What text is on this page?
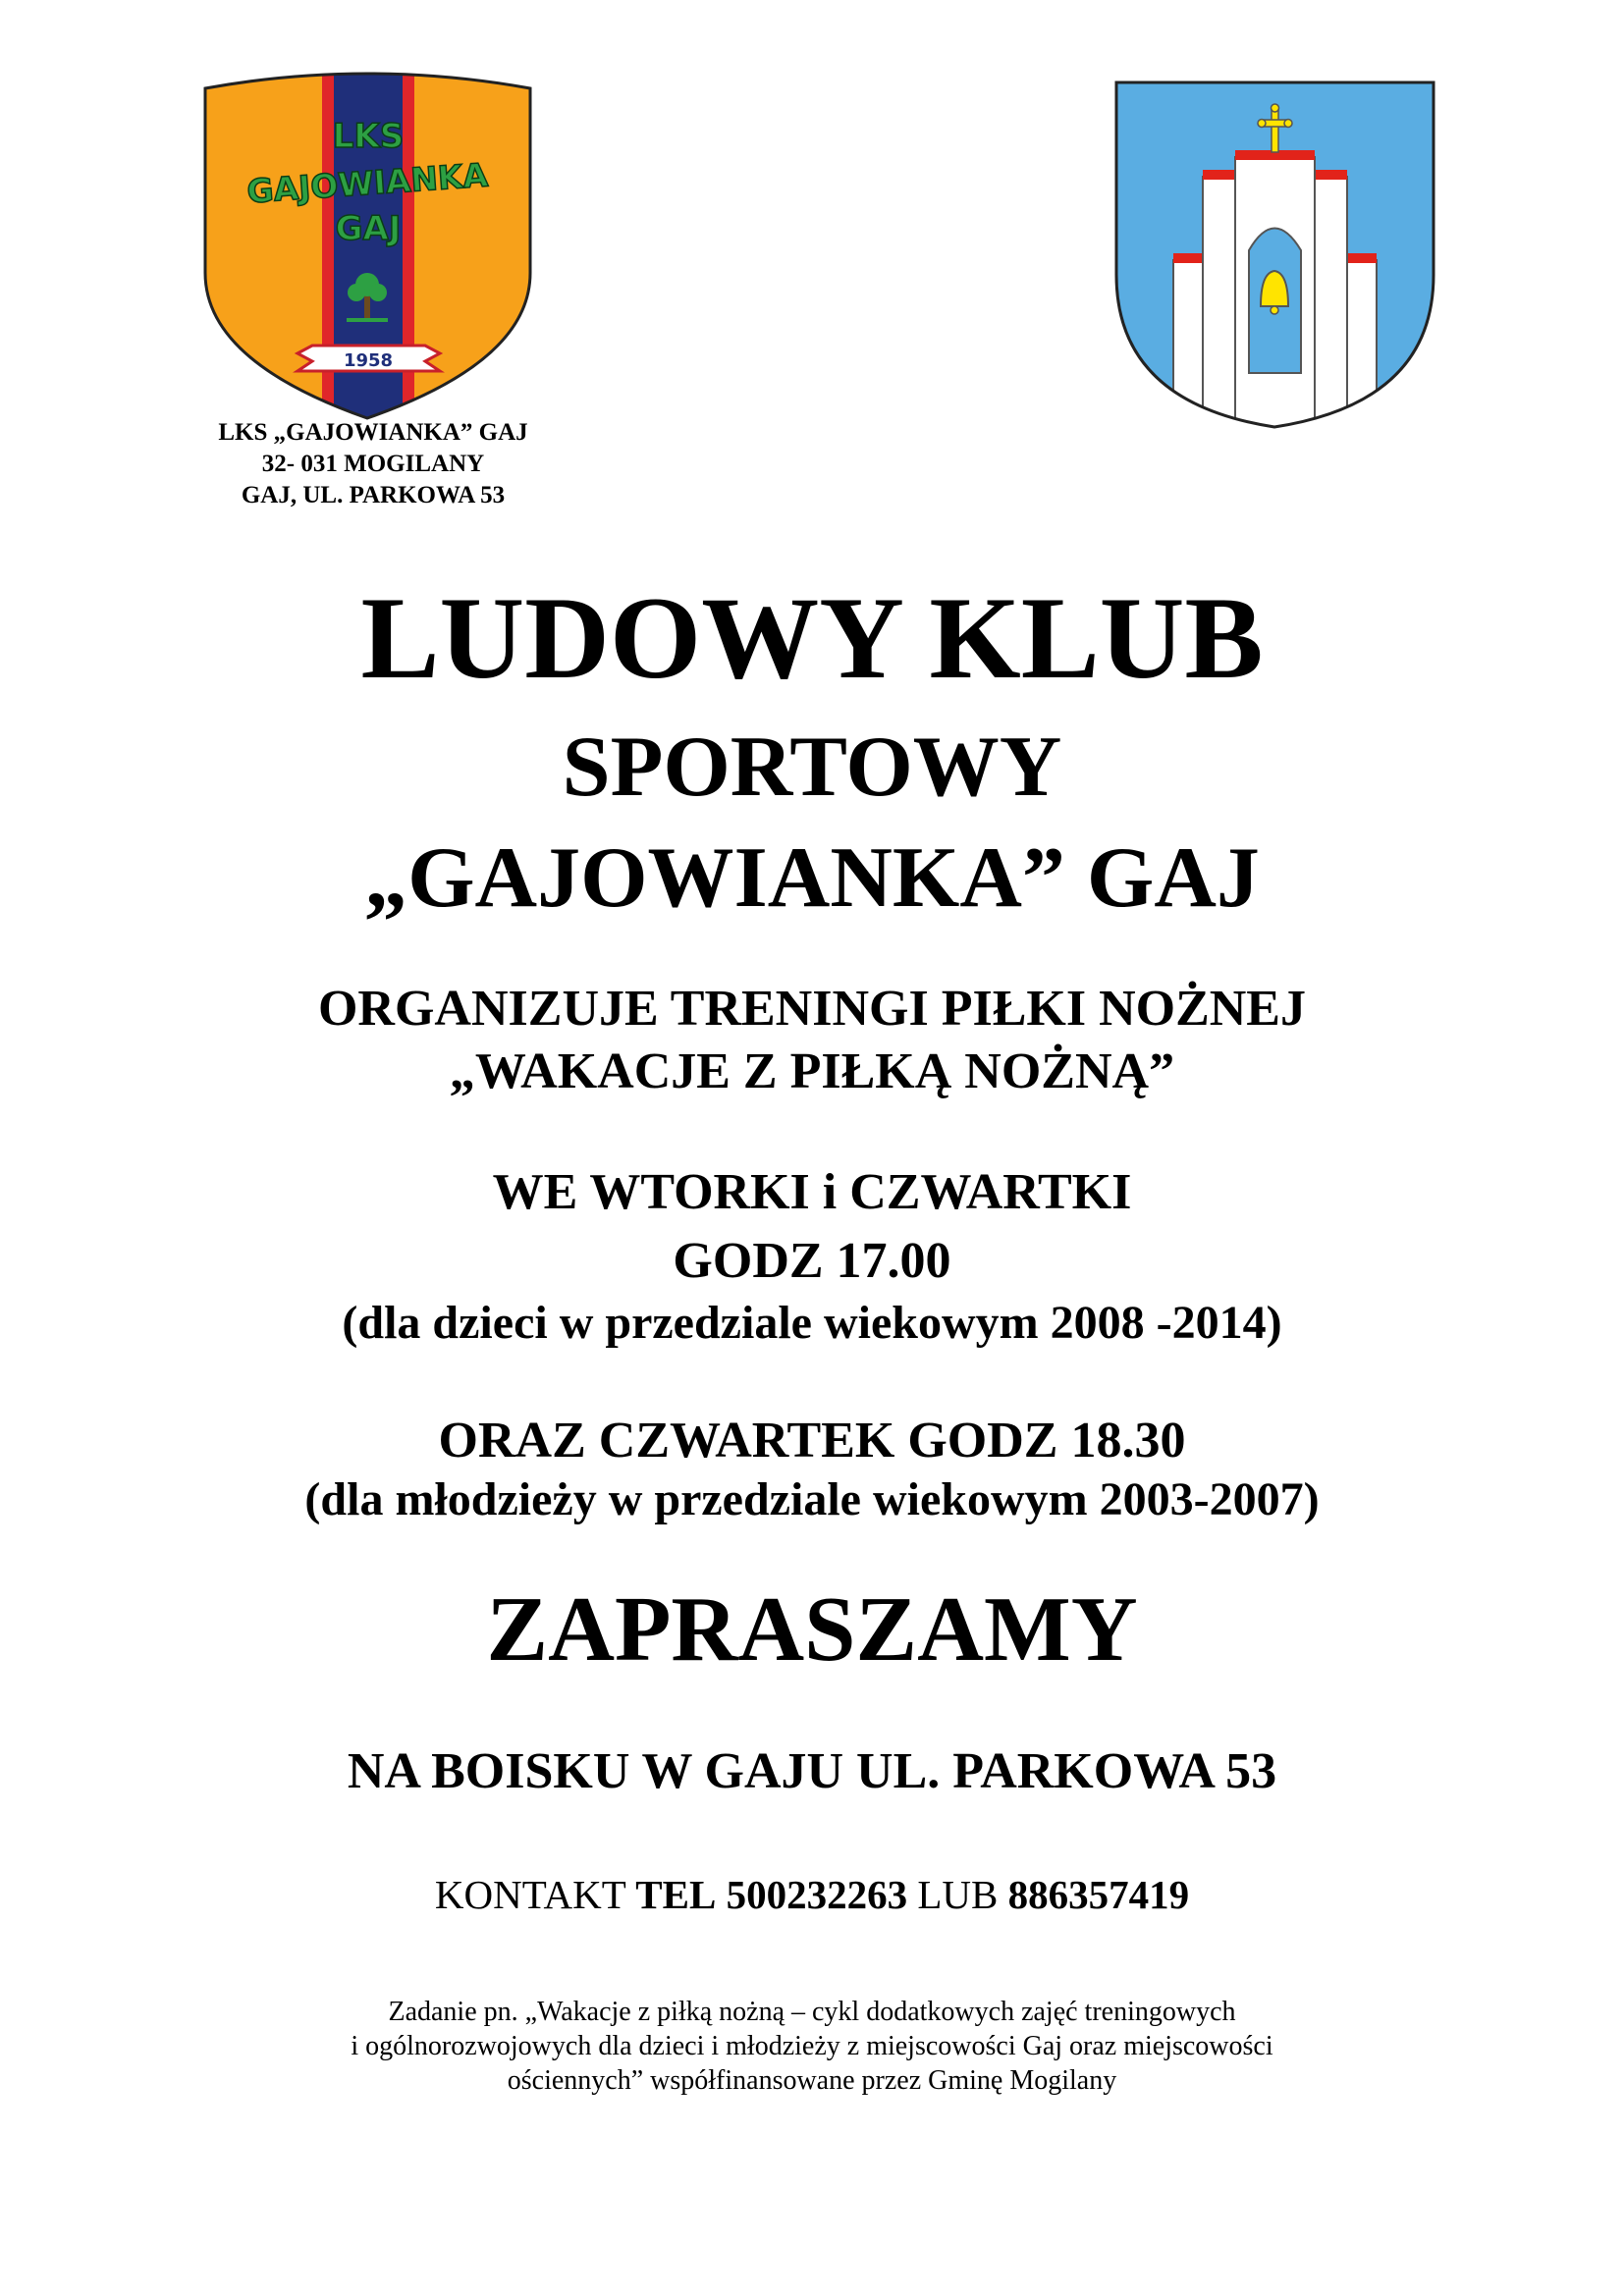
LKS
GAJOWIANKA
GAJ
1958
LKS „GAJOWIANKA” GAJ
32- 031 MOGILANY
GAJ, UL. PARKOWA 53
LUDOWY KLUB
SPORTOWY
„GAJOWIANKA” GAJ
ORGANIZUJE TRENINGI PIŁKI NOŻNEJ
„WAKACJE Z PIŁKĄ NOŻNĄ”
WE WTORKI i CZWARTKI
GODZ 17.00
(dla dzieci w przedziale wiekowym 2008 -2014)
ORAZ CZWARTEK GODZ 18.30
(dla młodzieży w przedziale wiekowym 2003-2007)
ZAPRASZAMY
NA BOISKU W GAJU UL. PARKOWA 53
KONTAKT TEL 500232263 LUB 886357419
Zadanie pn. „Wakacje z piłką nożną – cykl dodatkowych zajęć treningowych
i ogólnorozwojowych dla dzieci i młodzieży z miejscowości Gaj oraz miejscowości
ościennych” współfinansowane przez Gminę Mogilany
